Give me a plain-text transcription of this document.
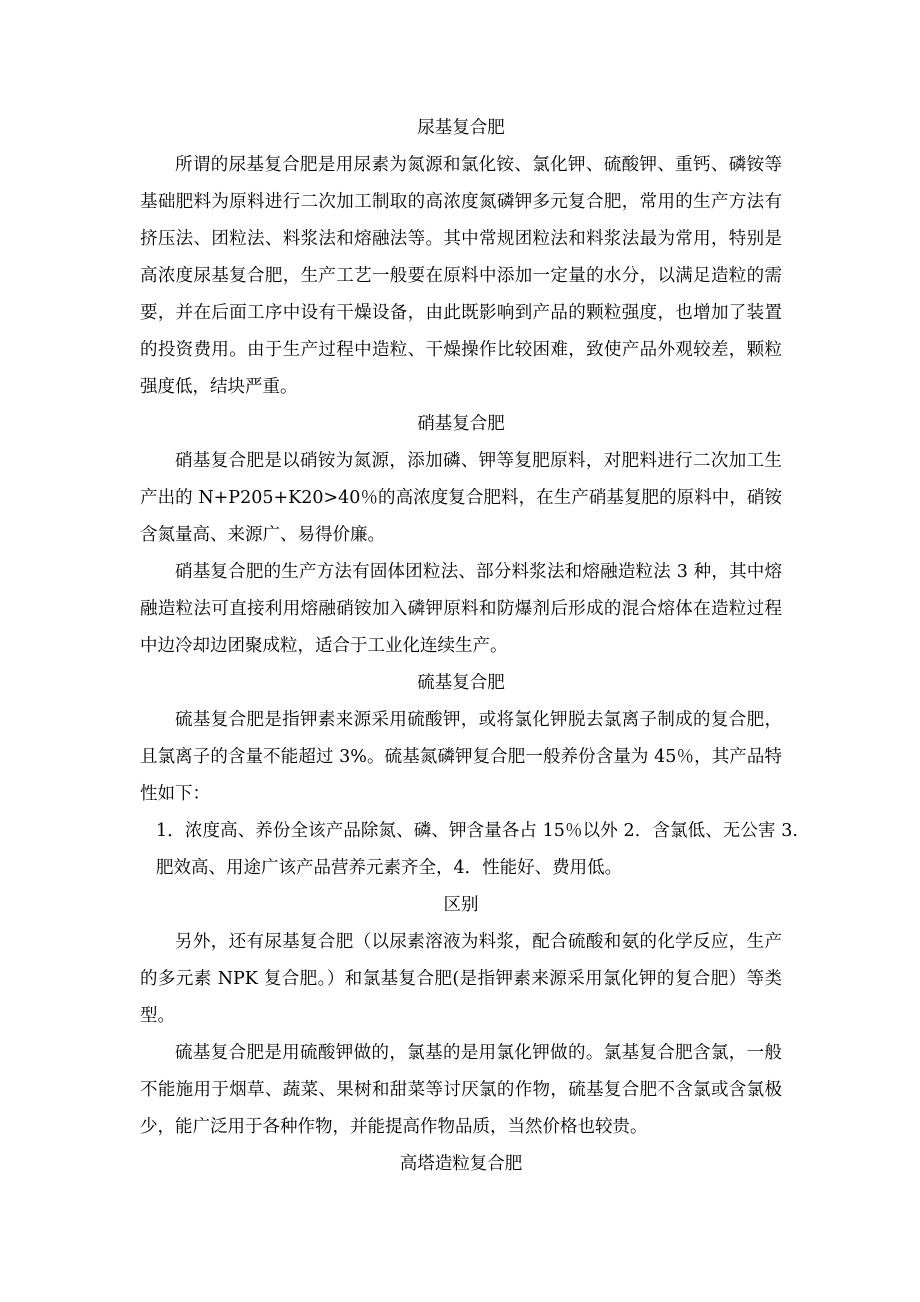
尿基复合肥

所谓的尿基复合肥是用尿素为氮源和氯化铵、氯化钾、硫酸钾、重钙、磷铵等基础肥料为原料进行二次加工制取的高浓度氮磷钾多元复合肥，常用的生产方法有挤压法、团粒法、料浆法和熔融法等。其中常规团粒法和料浆法最为常用，特别是高浓度尿基复合肥，生产工艺一般要在原料中添加一定量的水分，以满足造粒的需要，并在后面工序中设有干燥设备，由此既影响到产品的颗粒强度，也增加了装置的投资费用。由于生产过程中造粒、干燥操作比较困难，致使产品外观较差，颗粒强度低，结块严重。

硝基复合肥

硝基复合肥是以硝铵为氮源，添加磷、钾等复肥原料，对肥料进行二次加工生产出的 N+P205+K20>40％的高浓度复合肥料，在生产硝基复肥的原料中，硝铵含氮量高、来源广、易得价廉。

硝基复合肥的生产方法有固体团粒法、部分料浆法和熔融造粒法 3 种，其中熔融造粒法可直接利用熔融硝铵加入磷钾原料和防爆剂后形成的混合熔体在造粒过程中边冷却边团聚成粒，适合于工业化连续生产。

硫基复合肥

硫基复合肥是指钾素来源采用硫酸钾，或将氯化钾脱去氯离子制成的复合肥，且氯离子的含量不能超过 3%。硫基氮磷钾复合肥一般养份含量为 45％，其产品特性如下：

1．浓度高、养份全该产品除氮、磷、钾含量各占 15％以外 2．含氯低、无公害 3.肥效高、用途广该产品营养元素齐全，4．性能好、费用低。

区别

另外，还有尿基复合肥（以尿素溶液为料浆，配合硫酸和氨的化学反应，生产的多元素 NPK 复合肥。）和氯基复合肥(是指钾素来源采用氯化钾的复合肥）等类型。

硫基复合肥是用硫酸钾做的，氯基的是用氯化钾做的。氯基复合肥含氯，一般不能施用于烟草、蔬菜、果树和甜菜等讨厌氯的作物，硫基复合肥不含氯或含氯极少，能广泛用于各种作物，并能提高作物品质，当然价格也较贵。

高塔造粒复合肥
